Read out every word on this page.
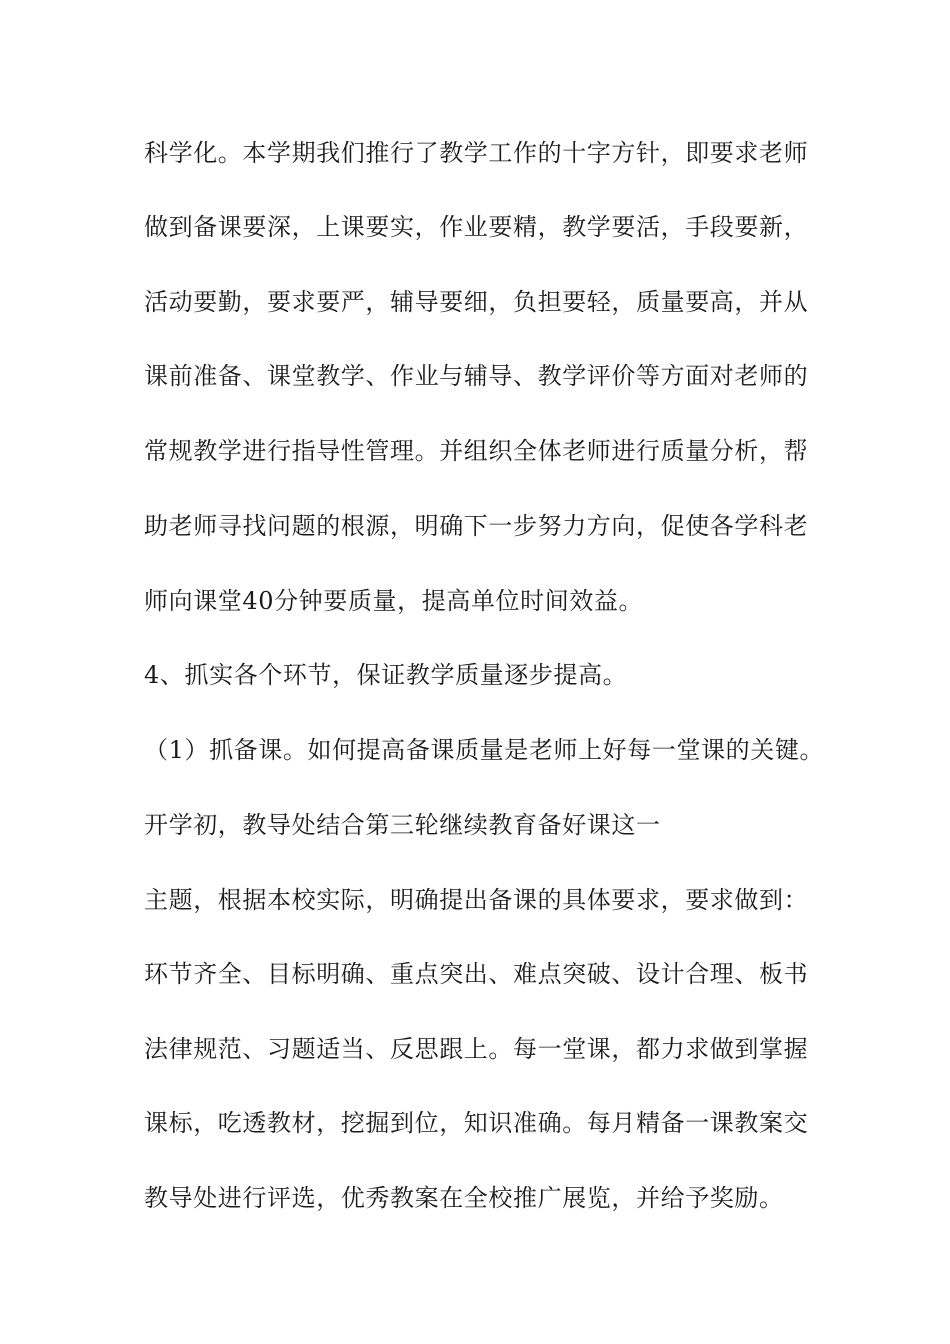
科学化。本学期我们推行了教学工作的十字方针，即要求老师
做到备课要深，上课要实，作业要精，教学要活，手段要新，
活动要勤，要求要严，辅导要细，负担要轻，质量要高，并从
课前准备、课堂教学、作业与辅导、教学评价等方面对老师的
常规教学进行指导性管理。并组织全体老师进行质量分析，帮
助老师寻找问题的根源，明确下一步努力方向，促使各学科老
师向课堂40分钟要质量，提高单位时间效益。
4、抓实各个环节，保证教学质量逐步提高。
（1）抓备课。如何提高备课质量是老师上好每一堂课的关键。
开学初，教导处结合第三轮继续教育备好课这一
主题，根据本校实际，明确提出备课的具体要求，要求做到：
环节齐全、目标明确、重点突出、难点突破、设计合理、板书
法律规范、习题适当、反思跟上。每一堂课，都力求做到掌握
课标，吃透教材，挖掘到位，知识准确。每月精备一课教案交
教导处进行评选，优秀教案在全校推广展览，并给予奖励。
